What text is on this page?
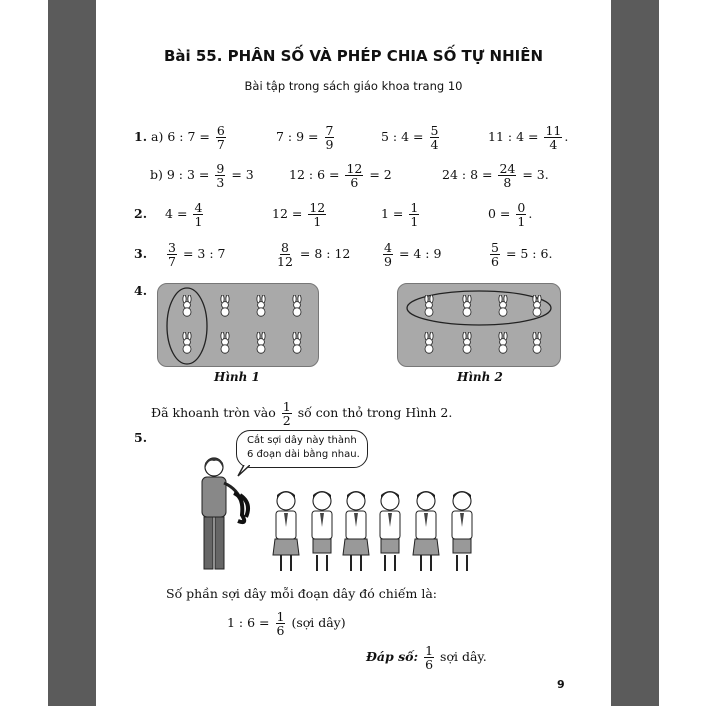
Bài 55. PHÂN SỐ VÀ PHÉP CHIA SỐ TỰ NHIÊN
Bài tập trong sách giáo khoa trang 10
1. a) 6 : $7 = \frac{6}{7}$	7 : $9 = \frac{7}{9}$	5 : $4 = \frac{5}{4}$	11 : $4 = \frac{11}{4}$ .
b) 9 : $3 = \frac{9}{3} = 3$	12 : $6 = \frac{12}{6} = 2$	24 : $8 = \frac{24}{8} = 3$.
2. $4 = \frac{4}{1}$	$12 = \frac{12}{1}$	$1 = \frac{1}{1}$	$0 = \frac{0}{1}$ .
3. $\frac{3}{7} = 3$ : 7	$\frac{8}{12} = 8$ : 12	$\frac{4}{9} = 4$ : 9	$\frac{5}{6} = 5$ : 6.
4.
Hình 1	Hình 2
Đã khoanh tròn vào $\frac{1}{2}$ số con thỏ trong Hình 2.
5.	Cắt sợi dây này thành
6 đoạn dài bằng nhau.
Số phần sợi dây mỗi đoạn dây đó chiếm là:
1 : $6 = \frac{1}{6}$ (sợi dây)
Đáp số: $\frac{1}{6}$ sợi dây.
9
